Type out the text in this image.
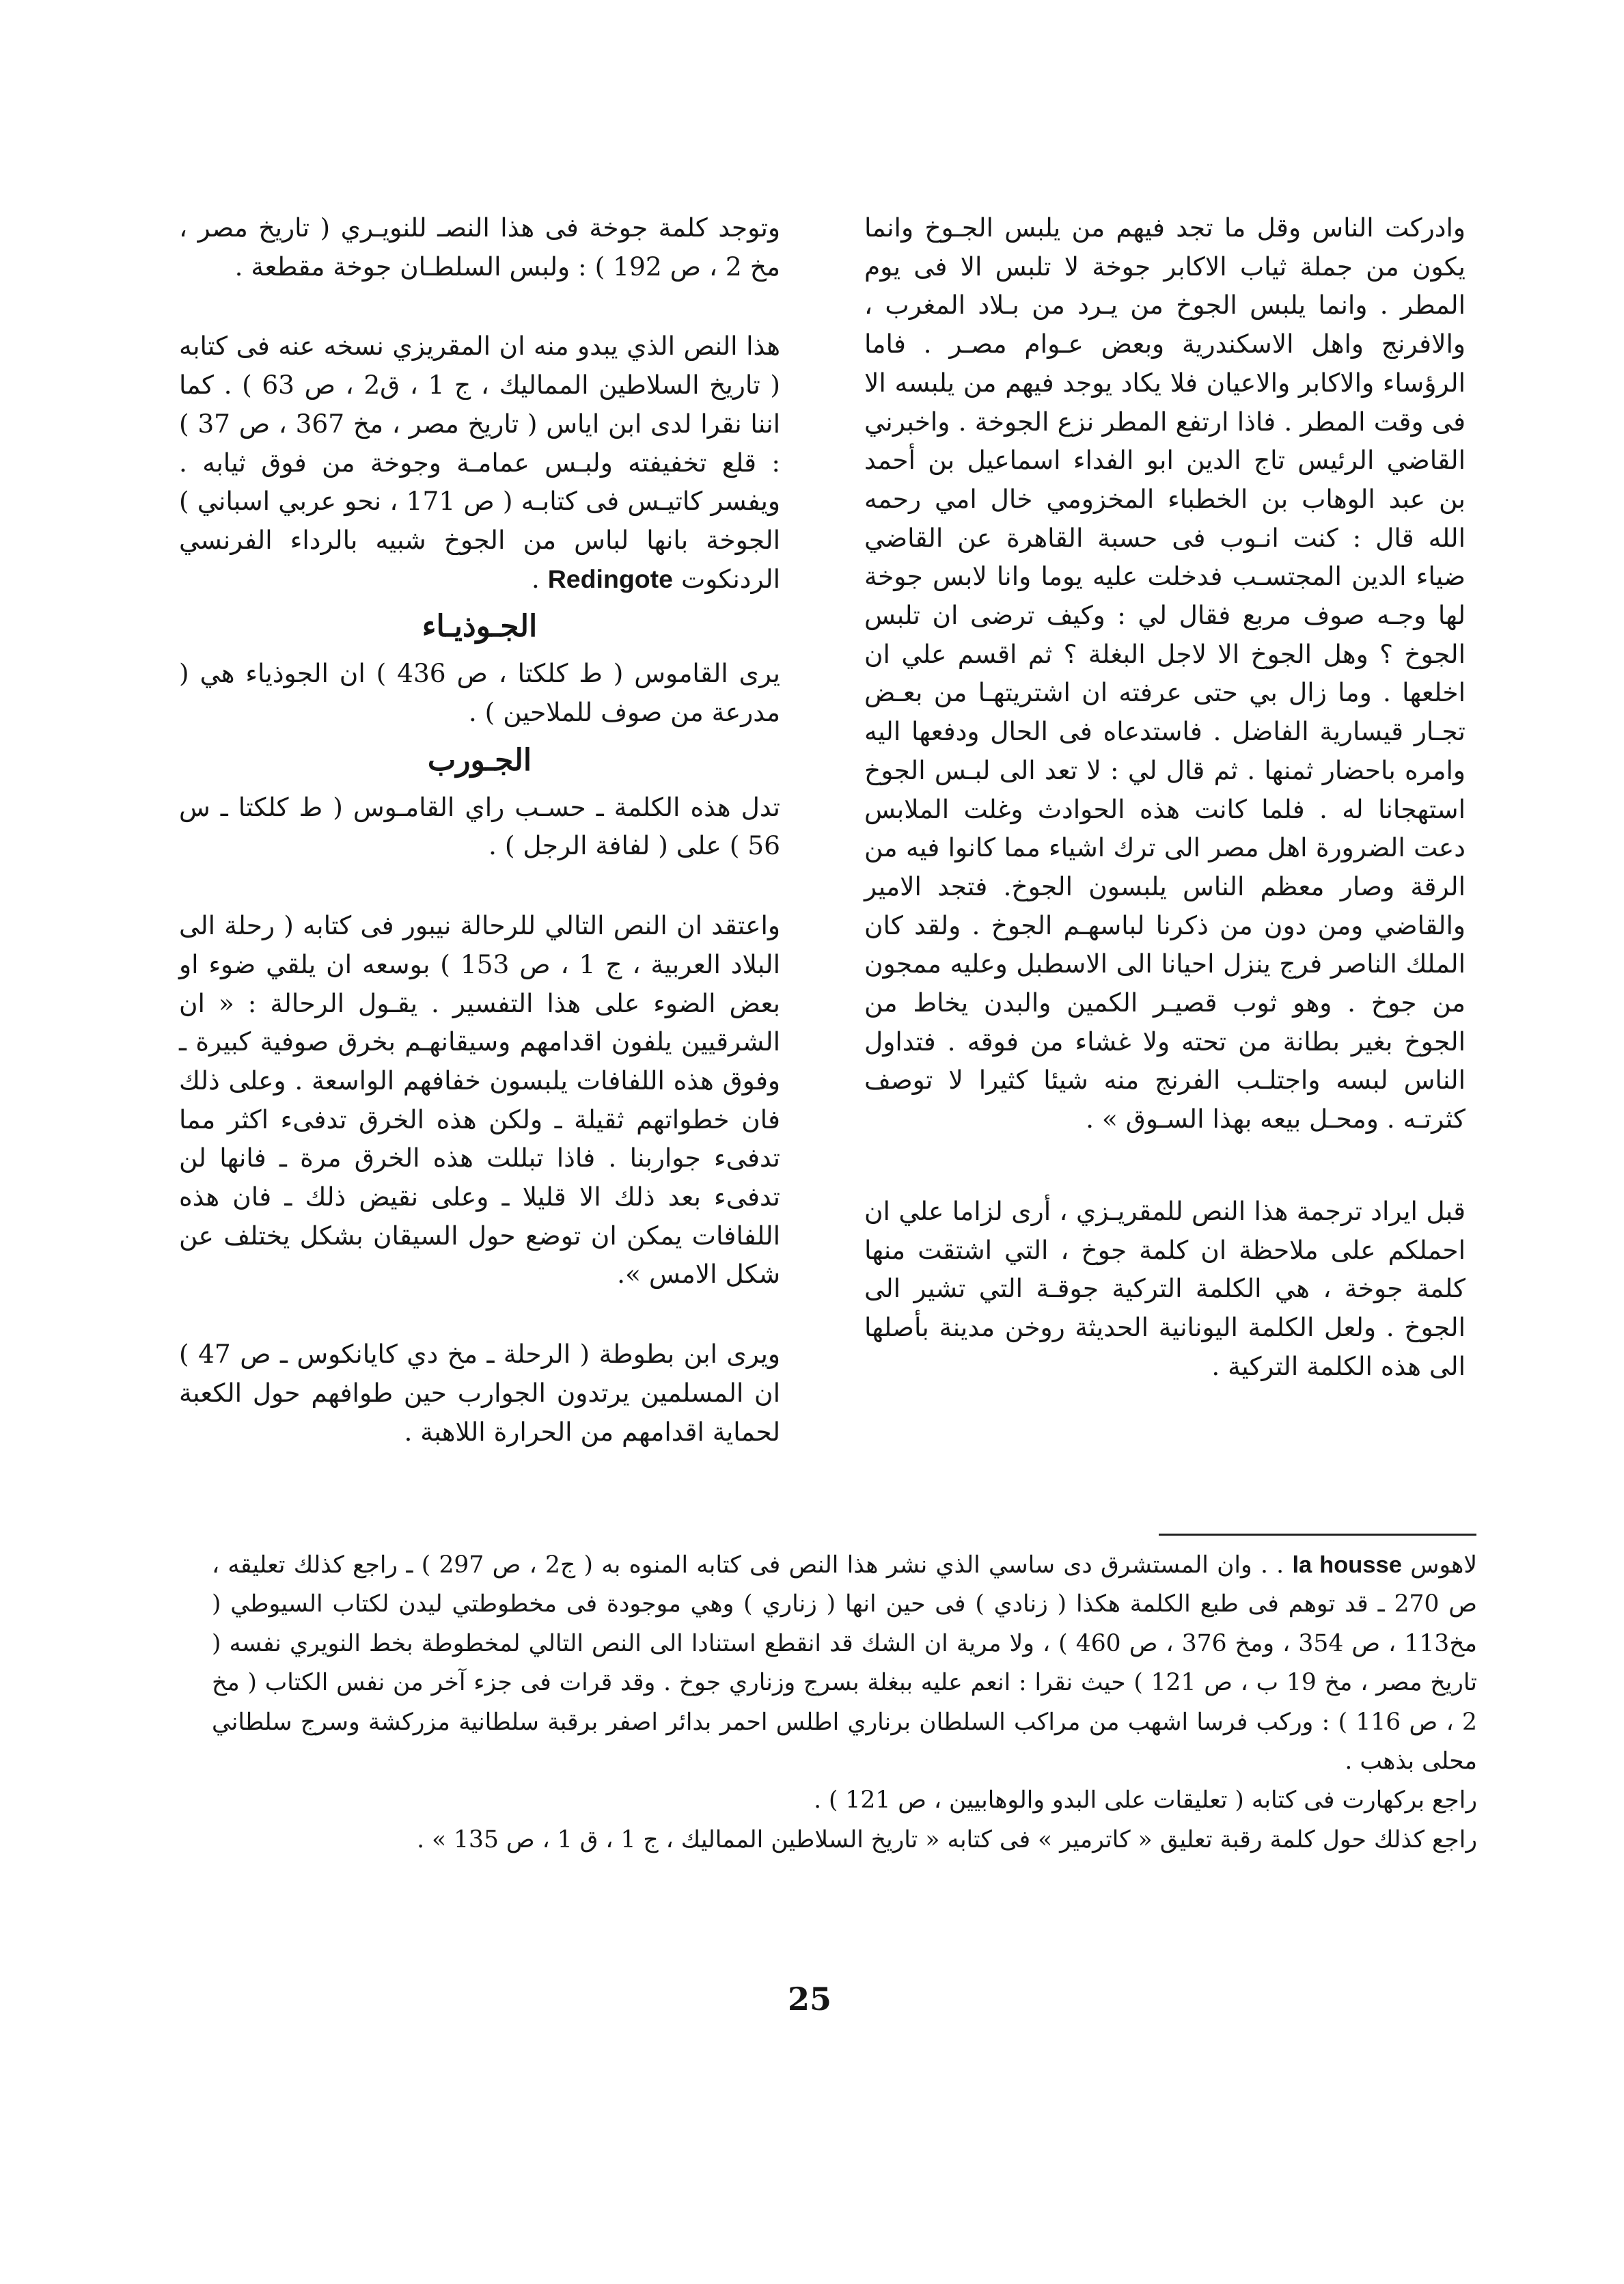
وادركت الناس وقل ما تجد فيهم من يلبس الجـوخ وانما يكون من جملة ثياب الاكابر جوخة لا تلبس الا فى يوم المطر . وانما يلبس الجوخ من يـرد من بـلاد المغرب ، والافرنج واهل الاسكندرية وبعض عـوام مصـر . فاما الرؤساء والاكابر والاعيان فلا يكاد يوجد فيهم من يلبسه الا فى وقت المطر . فاذا ارتفع المطر نزع الجوخة . واخبرني القاضي الرئيس تاج الدين ابو الفداء اسماعيل بن أحمد بن عبد الوهاب بن الخطباء المخزومي خال امي رحمه الله قال : كنت انـوب فى حسبة القاهرة عن القاضي ضياء الدين المجتسـب فدخلت عليه يوما وانا لابس جوخة لها وجـه صوف مربع فقال لي : وكيف ترضى ان تلبس الجوخ ؟ وهل الجوخ الا لاجل البغلة ؟ ثم اقسم علي ان اخلعها . وما زال بي حتى عرفته ان اشتريتهـا من بعـض تجـار قيسارية الفاضل . فاستدعاه فى الحال ودفعها اليه وامره باحضار ثمنها . ثم قال لي : لا تعد الى لبـس الجوخ استهجانا له . فلما كانت هذه الحوادث وغلت الملابس دعت الضرورة اهل مصر الى ترك اشياء مما كانوا فيه من الرقة وصار معظم الناس يلبسون الجوخ. فتجد الامير والقاضي ومن دون من ذكرنا لباسهـم الجوخ . ولقد كان الملك الناصر فرج ينزل احيانا الى الاسطبل وعليه ممجون من جوخ . وهو ثوب قصيـر الكمين والبدن يخاط من الجوخ بغير بطانة من تحته ولا غشاء من فوقه . فتداول الناس لبسه واجتلـب الفرنج منه شيئا كثيرا لا توصف كثرتـه . ومحـل بيعه بهذا السـوق » .

قبل ايراد ترجمة هذا النص للمقريـزي ، أرى لزاما علي ان احملكم على ملاحظة ان كلمة جوخ ، التي اشتقت منها كلمة جوخة ، هي الكلمة التركية جوقـة التي تشير الى الجوخ . ولعل الكلمة اليونانية الحديثة روخن مدينة بأصلها الى هذه الكلمة التركية .

وتوجد كلمة جوخة فى هذا النصـ للنويـري ( تاريخ مصر ، مخ 2 ، ص 192 ) : ولبس السلطـان جوخة مقطعة .

هذا النص الذي يبدو منه ان المقريزي نسخه عنه فى كتابه ( تاريخ السلاطين المماليك ، ج 1 ، ق2 ، ص 63 ) . كما اننا نقرا لدى ابن اياس ( تاريخ مصر ، مخ 367 ، ص 37 ) : قلع تخفيفته ولبـس عمامـة وجوخة من فوق ثيابه . ويفسر كاتيـس فى كتابـه ( ص 171 ، نحو عربي اسباني ) الجوخة بانها لباس من الجوخ شبيه بالرداء الفرنسي الردنكوت Redingote .

الجـوذيـاء

يرى القاموس ( ط كلكتا ، ص 436 ) ان الجوذياء هي ( مدرعة من صوف للملاحين ) .

الجـورب

تدل هذه الكلمة ـ حسـب راي القامـوس ( ط كلكتا ـ س 56 ) على ( لفافة الرجل ) .

واعتقد ان النص التالي للرحالة نيبور فى كتابه ( رحلة الى البلاد العربية ، ج 1 ، ص 153 ) بوسعه ان يلقي ضوء او بعض الضوء على هذا التفسير . يقـول الرحالة : « ان الشرقيين يلفون اقدامهم وسيقانهـم بخرق صوفية كبيرة ـ وفوق هذه اللفافات يلبسون خفافهم الواسعة . وعلى ذلك فان خطواتهم ثقيلة ـ ولكن هذه الخرق تدفىء اكثر مما تدفىء جواربنا . فاذا تبللت هذه الخرق مرة ـ فانها لن تدفىء بعد ذلك الا قليلا ـ وعلى نقيض ذلك ـ فان هذه اللفافات يمكن ان توضع حول السيقان بشكل يختلف عن شكل الامس ».

ويرى ابن بطوطة ( الرحلة ـ مخ دي كايانكوس ـ ص 47 ) ان المسلمين يرتدون الجوارب حين طوافهم حول الكعبة لحماية اقدامهم من الحرارة اللاهبة .

لاهوس la housse . . وان المستشرق دى ساسي الذي نشر هذا النص فى كتابه المنوه به ( ج2 ، ص 297 ) ـ راجع كذلك تعليقه ، ص 270 ـ قد توهم فى طبع الكلمة هكذا ( زنادي ) فى حين انها ( زناري ) وهي موجودة فى مخطوطتي ليدن لكتاب السيوطي ( مخ113 ، ص 354 ، ومخ 376 ، ص 460 ) ، ولا مرية ان الشك قد انقطع استنادا الى النص التالي لمخطوطة بخط النويري نفسه ( تاريخ مصر ، مخ 19 ب ، ص 121 ) حيث نقرا : انعم عليه ببغلة بسرج وزناري جوخ . وقد قرات فى جزء آخر من نفس الكتاب ( مخ 2 ، ص 116 ) : وركب فرسا اشهب من مراكب السلطان برناري اطلس احمر بدائر اصفر برقبة سلطانية مزركشة وسرج سلطاني محلى بذهب .

راجع بركهارت فى كتابه ( تعليقات على البدو والوهابيين ، ص 121 ) .

راجع كذلك حول كلمة رقبة تعليق « كاترمير » فى كتابه « تاريخ السلاطين المماليك ، ج 1 ، ق 1 ، ص 135 » .

25
